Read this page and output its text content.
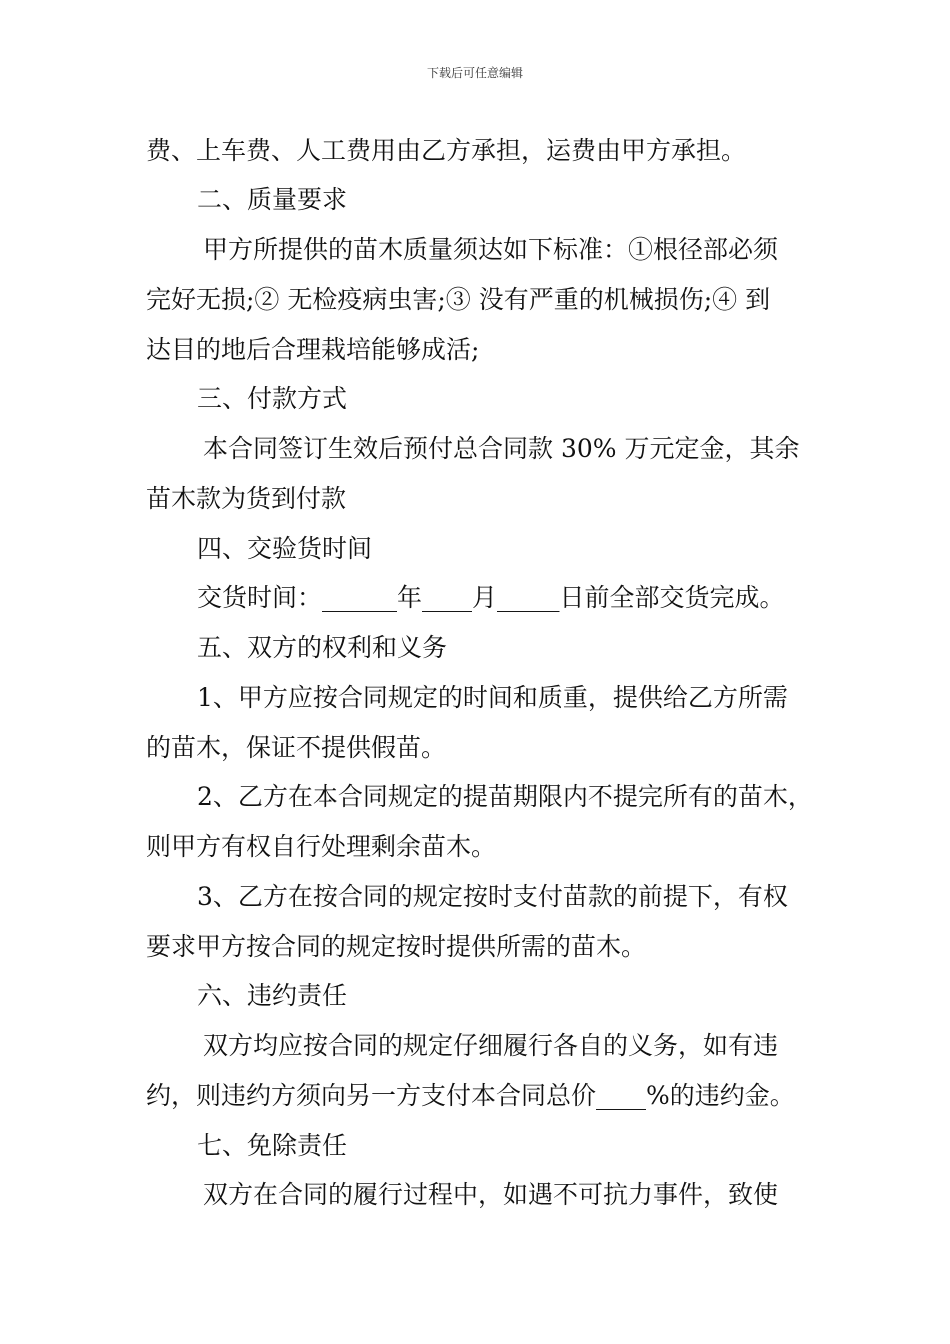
下载后可任意编辑
费、上车费、人工费用由乙方承担，运费由甲方承担。
二、质量要求
甲方所提供的苗木质量须达如下标准：①根径部必须
完好无损;② 无检疫病虫害;③ 没有严重的机械损伤;④ 到
达目的地后合理栽培能够成活;
三、付款方式
本合同签订生效后预付总合同款 30% 万元定金，其余
苗木款为货到付款
四、交验货时间
交货时间：______年____月_____日前全部交货完成。
五、双方的权利和义务
1、甲方应按合同规定的时间和质重，提供给乙方所需
的苗木，保证不提供假苗。
2、乙方在本合同规定的提苗期限内不提完所有的苗木，
则甲方有权自行处理剩余苗木。
3、乙方在按合同的规定按时支付苗款的前提下，有权
要求甲方按合同的规定按时提供所需的苗木。
六、违约责任
双方均应按合同的规定仔细履行各自的义务，如有违
约，则违约方须向另一方支付本合同总价____%的违约金。
七、免除责任
双方在合同的履行过程中，如遇不可抗力事件，致使
